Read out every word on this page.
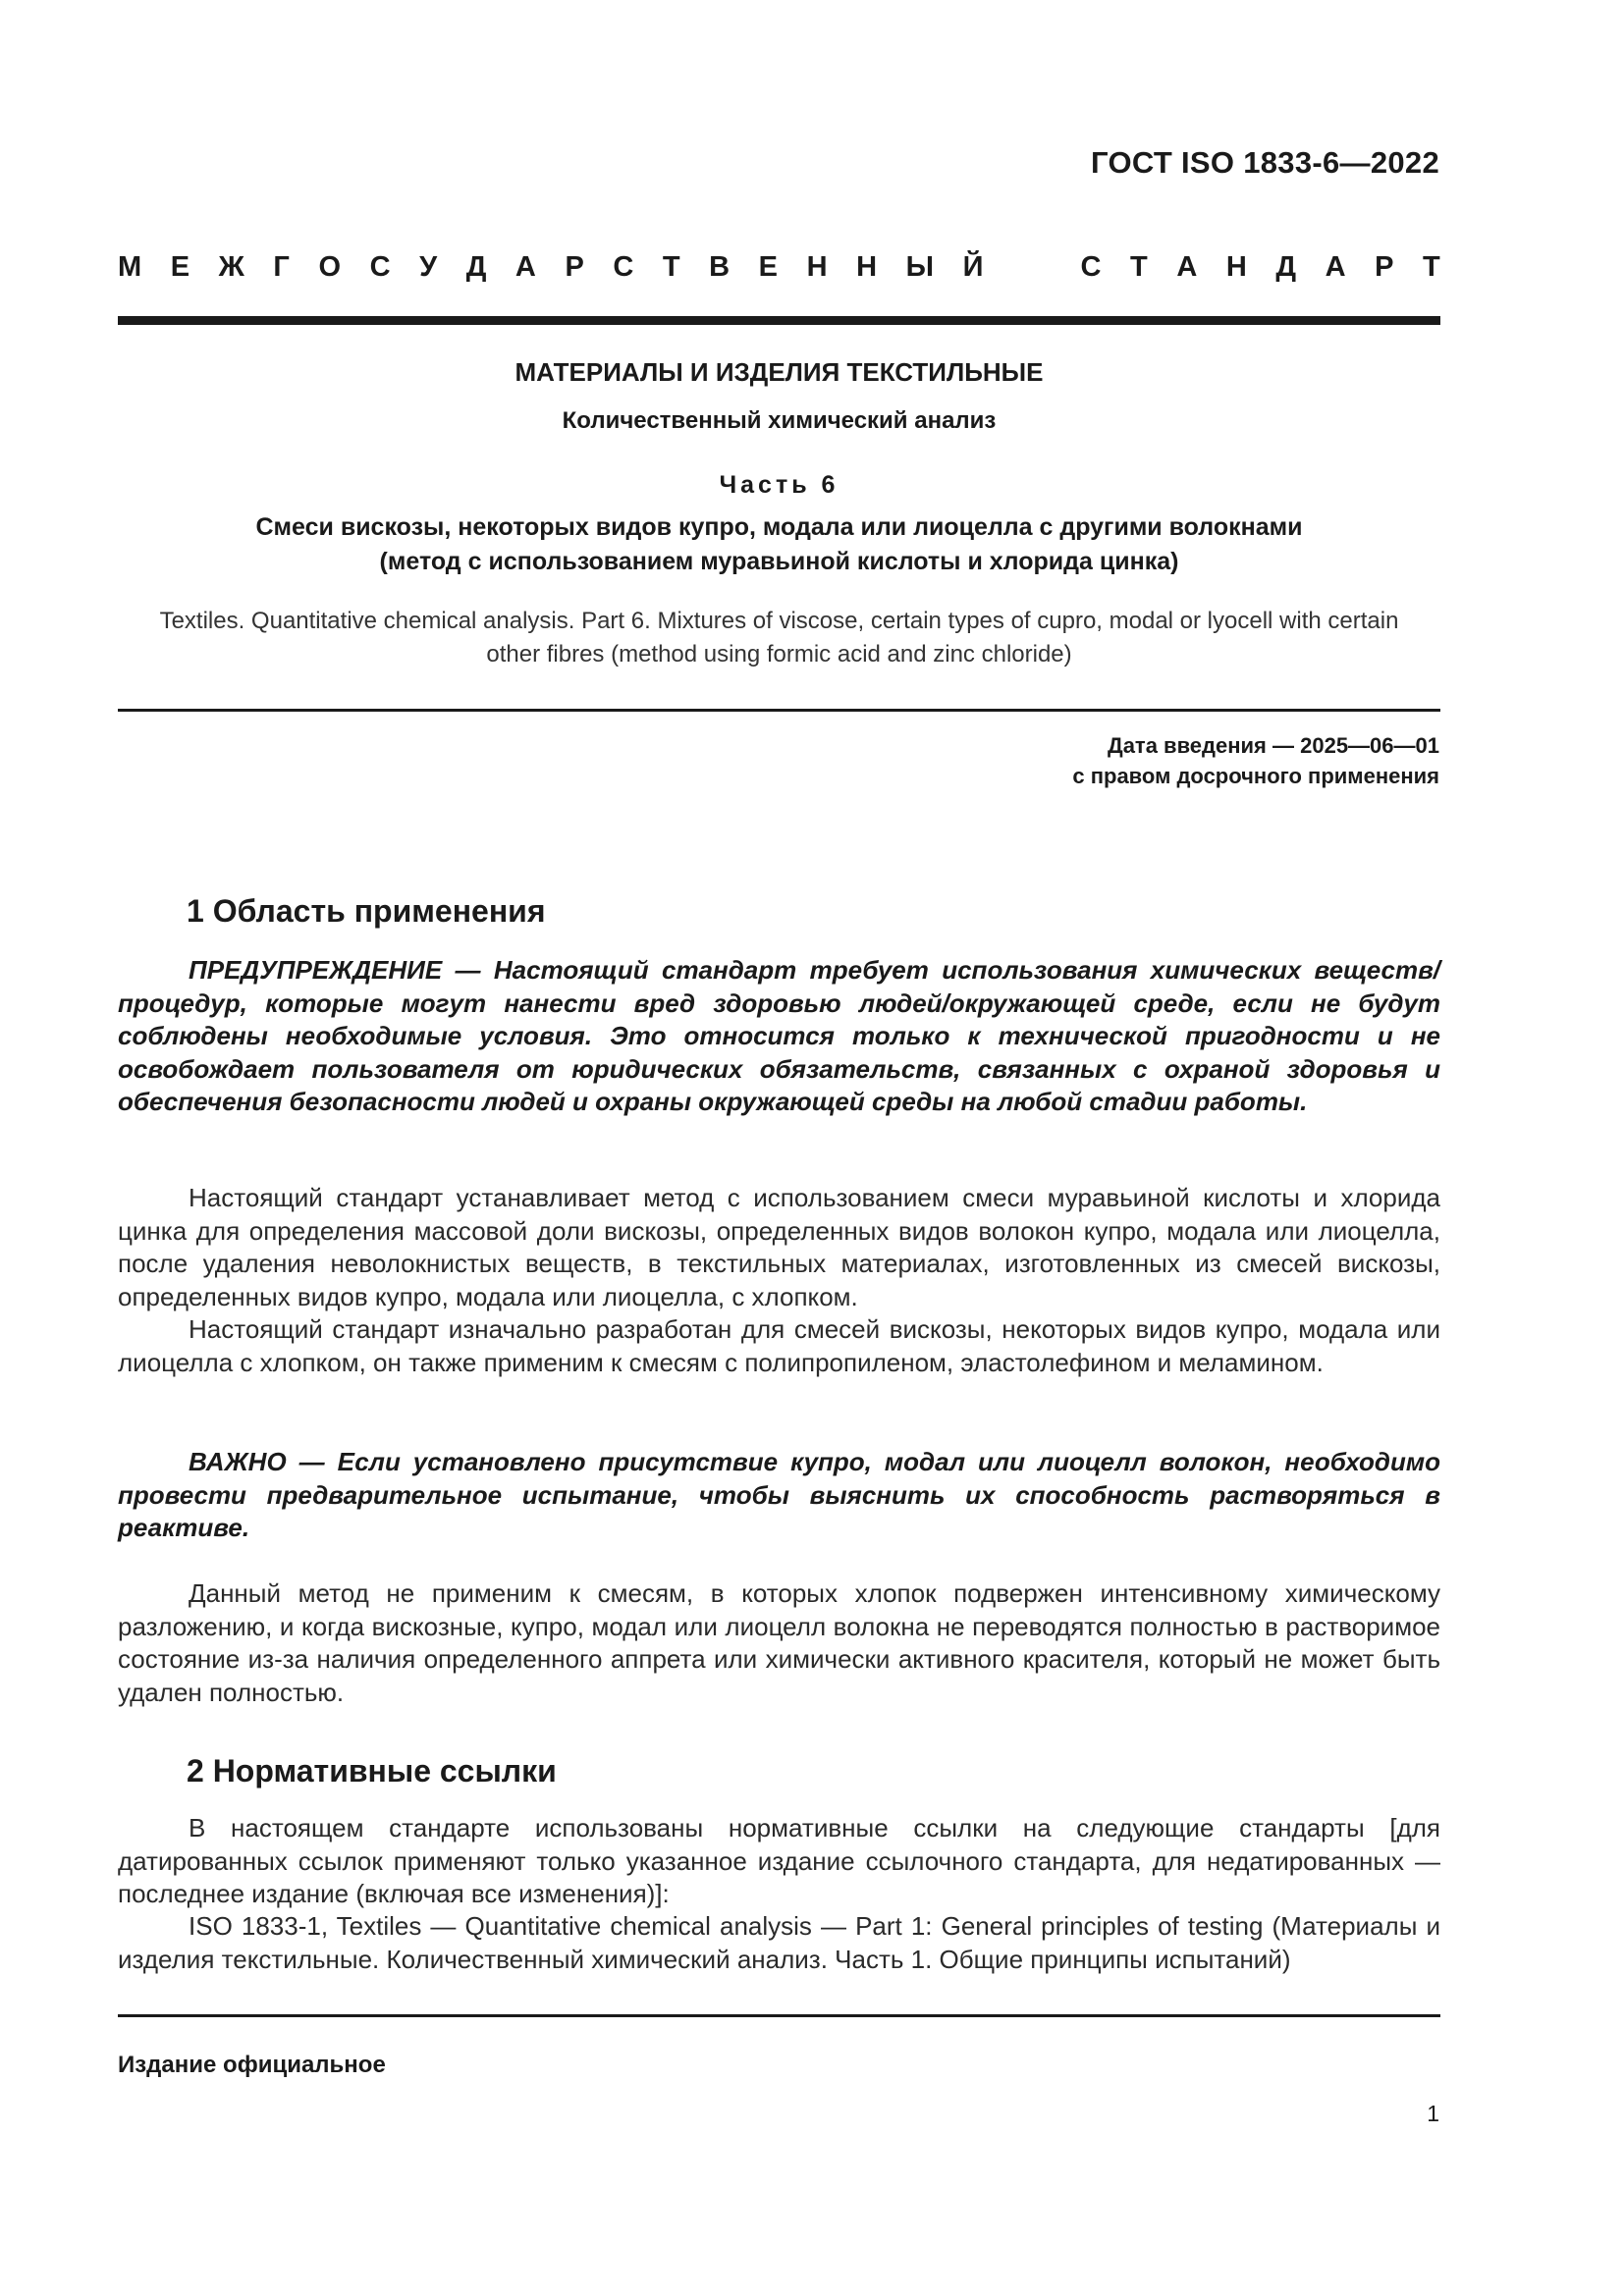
ГОСТ ISO 1833-6—2022
М Е Ж Г О С У Д А Р С Т В Е Н Н Ы Й	С Т А Н Д А Р Т
МАТЕРИАЛЫ И ИЗДЕЛИЯ ТЕКСТИЛЬНЫЕ
Количественный химический анализ
Часть 6
Смеси вискозы, некоторых видов купро, модала или лиоцелла с другими волокнами
(метод с использованием муравьиной кислоты и хлорида цинка)
Textiles. Quantitative chemical analysis. Part 6. Mixtures of viscose, certain types of cupro, modal or lyocell with certain
other fibres (method using formic acid and zinc chloride)
Дата введения — 2025—06—01
с правом досрочного применения
1 Область применения

ПРЕДУПРЕЖДЕНИЕ — Настоящий стандарт требует использования химических веществ/процедур, которые могут нанести вред здоровью людей/окружающей среде, если не будут соблюдены необходимые условия. Это относится только к технической пригодности и не освобождает пользователя от юридических обязательств, связанных с охраной здоровья и обеспечения безопасности людей и охраны окружающей среды на любой стадии работы.

Настоящий стандарт устанавливает метод с использованием смеси муравьиной кислоты и хлорида цинка для определения массовой доли вискозы, определенных видов волокон купро, модала или лиоцелла, после удаления неволокнистых веществ, в текстильных материалах, изготовленных из смесей вискозы, определенных видов купро, модала или лиоцелла, с хлопком.

Настоящий стандарт изначально разработан для смесей вискозы, некоторых видов купро, модала или лиоцелла с хлопком, он также применим к смесям с полипропиленом, эластолефином и меламином.

ВАЖНО — Если установлено присутствие купро, модал или лиоцелл волокон, необходимо провести предварительное испытание, чтобы выяснить их способность растворяться в реактиве.

Данный метод не применим к смесям, в которых хлопок подвержен интенсивному химическому разложению, и когда вискозные, купро, модал или лиоцелл волокна не переводятся полностью в растворимое состояние из-за наличия определенного аппрета или химически активного красителя, который не может быть удален полностью.

2 Нормативные ссылки

В настоящем стандарте использованы нормативные ссылки на следующие стандарты [для датированных ссылок применяют только указанное издание ссылочного стандарта, для недатированных — последнее издание (включая все изменения)]:

ISO 1833-1, Textiles — Quantitative chemical analysis — Part 1: General principles of testing (Материалы и изделия текстильные. Количественный химический анализ. Часть 1. Общие принципы испытаний)

Издание официальное
1
